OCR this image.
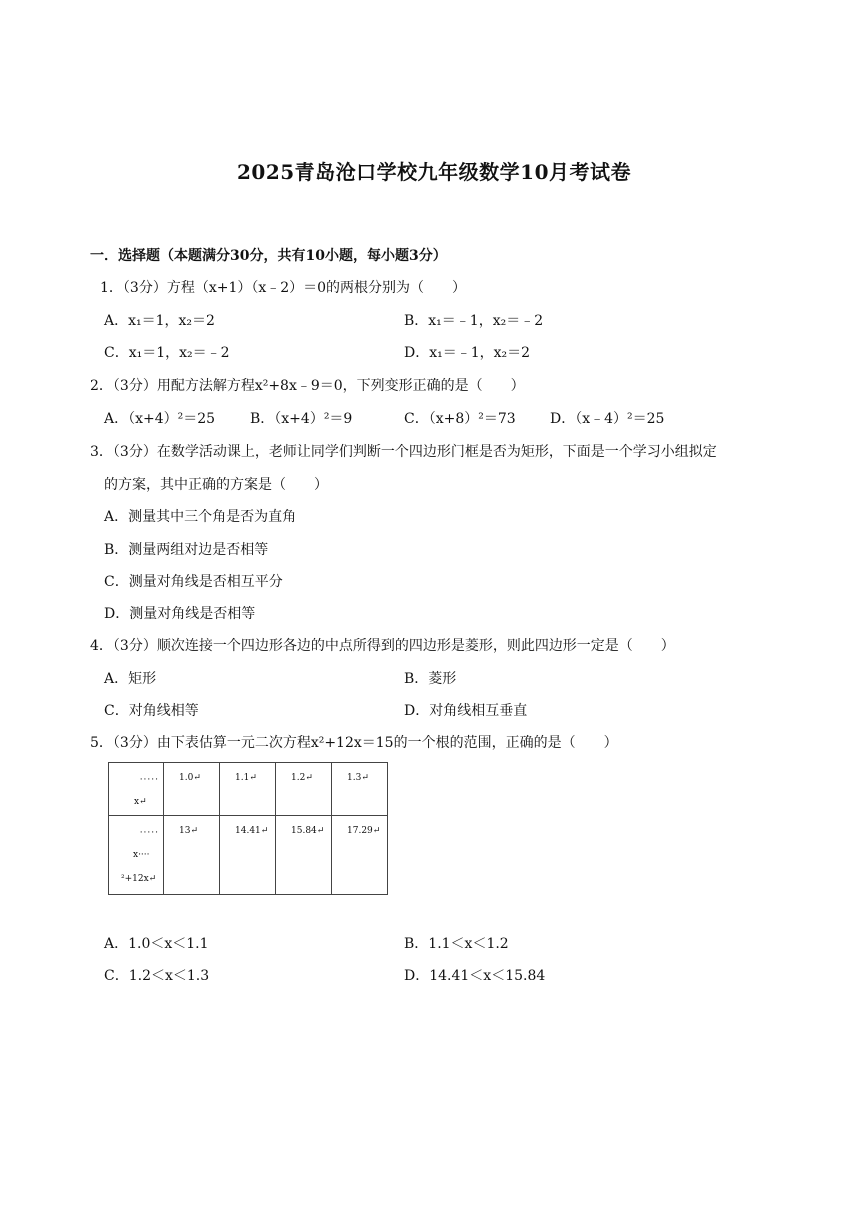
2025青岛沧口学校九年级数学10月考试卷
一．选择题（本题满分30分，共有10小题，每小题3分）
1．（3分）方程（x+1）（x﹣2）＝0的两根分别为（　　）
A．x₁＝1，x₂＝2	B．x₁＝﹣1，x₂＝﹣2
C．x₁＝1，x₂＝﹣2	D．x₁＝﹣1，x₂＝2
2．（3分）用配方法解方程x²+8x﹣9＝0，下列变形正确的是（　　）
A．（x+4）²＝25 B．（x+4）²＝9	C．（x+8）²＝73 D．（x﹣4）²＝25
3．（3分）在数学活动课上，老师让同学们判断一个四边形门框是否为矩形，下面是一个学习小组拟定
的方案，其中正确的方案是（　　）
A．测量其中三个角是否为直角
B．测量两组对边是否相等
C．测量对角线是否相互平分
D．测量对角线是否相等
4．（3分）顺次连接一个四边形各边的中点所得到的四边形是菱形，则此四边形一定是（　　）
A．矩形	B．菱形
C．对角线相等	D．对角线相互垂直
5．（3分）由下表估算一元二次方程x²+12x＝15的一个根的范围，正确的是（　　）
·····
x↵	1.0↵	1.1↵	1.2↵	1.3↵

·····
x····
²+12x↵	13↵	14.41↵	15.84↵	17.29↵
A．1.0＜x＜1.1	B．1.1＜x＜1.2
C．1.2＜x＜1.3	D．14.41＜x＜15.84
